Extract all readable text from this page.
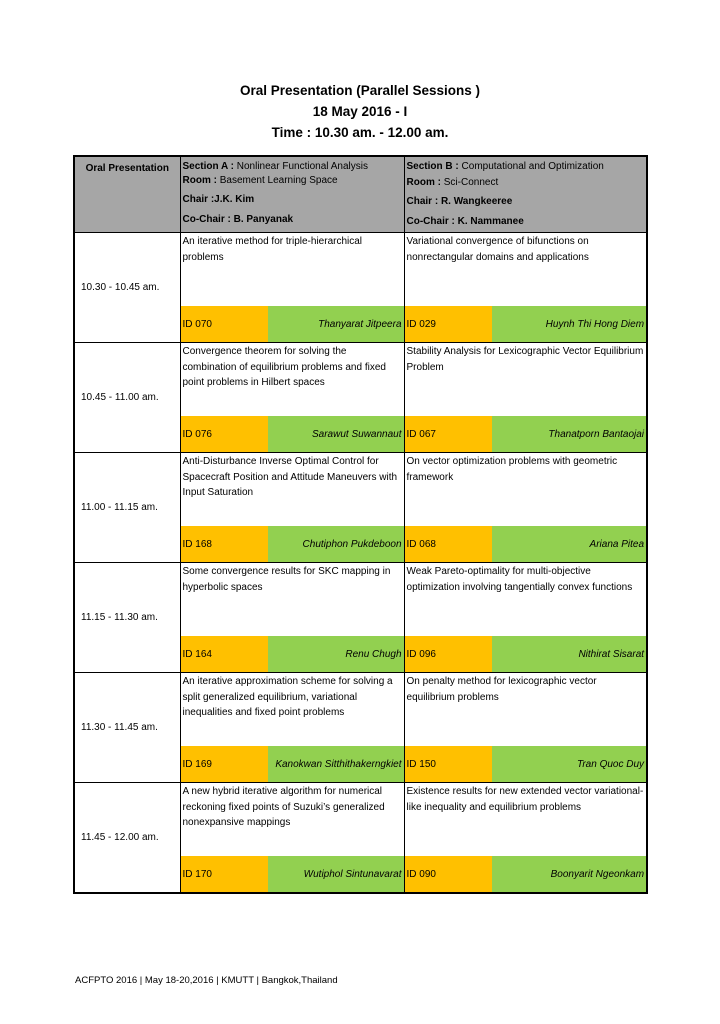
Oral Presentation (Parallel Sessions )
18 May 2016 - I
Time : 10.30 am. - 12.00 am.
Oral Presentation	Section A : Nonlinear Functional Analysis
Room : Basement Learning Space
Chair :J.K. Kim
Co-Chair : B. Panyanak		Section B : Computational and Optimization
Room : Sci-Connect
Chair : R. Wangkeeree
Co-Chair : K. Nammanee	

10.30 - 10.45 am.	An iterative method for triple-hierarchical problems		Variational convergence of bifunctions on nonrectangular domains and applications	
	ID 070	Thanyarat Jitpeera	ID 029	Huynh Thi Hong Diem
10.45 - 11.00 am.	Convergence theorem for solving the combination of equilibrium problems and fixed point problems in Hilbert spaces		Stability Analysis for Lexicographic Vector Equilibrium Problem	
	ID 076	Sarawut Suwannaut	ID 067	Thanatporn Bantaojai
11.00 - 11.15 am.	Anti-Disturbance Inverse Optimal Control for Spacecraft Position and Attitude Maneuvers with Input Saturation		On vector optimization problems with geometric framework	
	ID 168	Chutiphon Pukdeboon	ID 068	Ariana Pitea
11.15 - 11.30 am.	Some convergence results for SKC mapping in hyperbolic spaces		Weak Pareto-optimality for multi-objective optimization involving tangentially convex functions	
	ID 164	Renu Chugh	ID 096	Nithirat Sisarat
11.30 - 11.45 am.	An iterative approximation scheme for solving a split generalized equilibrium, variational inequalities and fixed point problems		On penalty method for lexicographic vector equilibrium problems	
	ID 169	Kanokwan Sitthithakerngkiet	ID 150	Tran Quoc Duy
11.45 - 12.00 am.	A new hybrid iterative algorithm for numerical reckoning fixed points of Suzuki’s generalized nonexpansive mappings		Existence results for new extended vector variational-like inequality and equilibrium problems	
	ID 170	Wutiphol Sintunavarat	ID 090	Boonyarit Ngeonkam
ACFPTO 2016 | May 18-20,2016 | KMUTT | Bangkok,Thailand
